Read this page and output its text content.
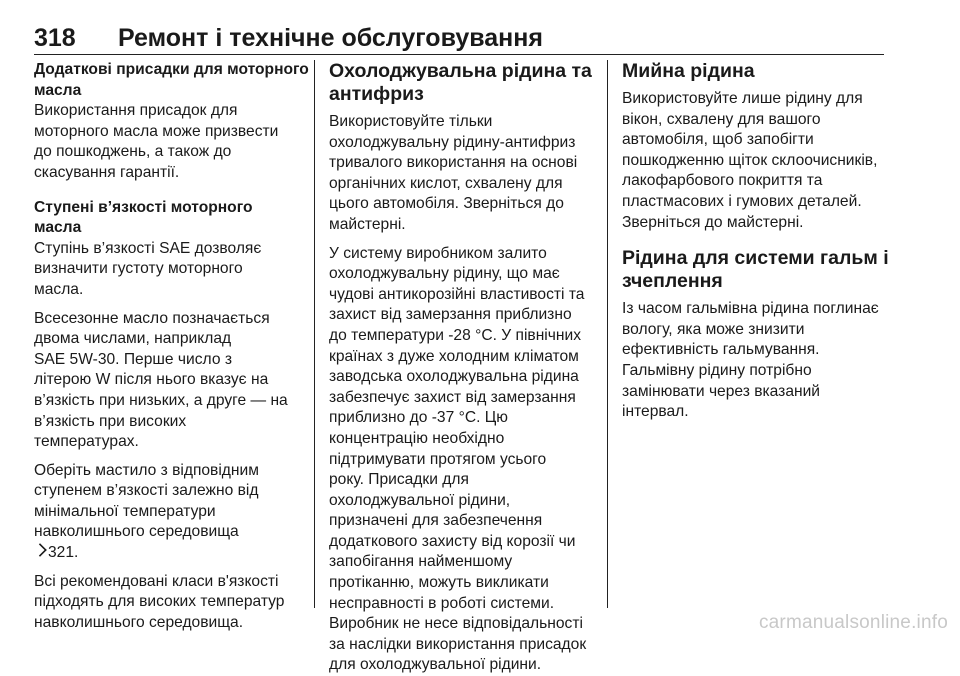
318 Ремонт і технічне обслуговування
Додаткові присадки для моторного
масла

Використання присадок для
моторного масла може призвести
до пошкоджень, а також до
скасування гарантії.

Ступені в’язкості моторного масла

Ступінь в’язкості SAE дозволяє
визначити густоту моторного
масла.

Всесезонне масло позначається
двома числами, наприклад
SAE 5W-30. Перше число з
літерою W після нього вказує на
в’язкість при низьких, а друге — на
в’язкість при високих
температурах.

Оберіть мастило з відповідним
ступенем в’язкості залежно від
мінімальної температури
навколишнього середовища
321.

Всі рекомендовані класи в'язкості
підходять для високих температур
навколишнього середовища.

Охолоджувальна рідина та
антифриз

Використовуйте тільки
охолоджувальну рідину-антифриз
тривалого використання на основі
органічних кислот, схвалену для
цього автомобіля. Зверніться до
майстерні.

У систему виробником залито
охолоджувальну рідину, що має
чудові антикорозійні властивості та
захист від замерзання приблизно
до температури -28 °C. У північних
країнах з дуже холодним кліматом
заводська охолоджувальна рідина
забезпечує захист від замерзання
приблизно до -37 °C. Цю
концентрацію необхідно
підтримувати протягом усього
року. Присадки для
охолоджувальної рідини,
призначені для забезпечення
додаткового захисту від корозії чи
запобігання найменшому
протіканню, можуть викликати
несправності в роботі системи.
Виробник не несе відповідальності
за наслідки використання присадок
для охолоджувальної рідини.

Мийна рідина

Використовуйте лише рідину для
вікон, схвалену для вашого
автомобіля, щоб запобігти
пошкодженню щіток склоочисників,
лакофарбового покриття та
пластмасових і гумових деталей.
Зверніться до майстерні.

Рідина для системи гальм і
зчеплення

Із часом гальмівна рідина поглинає
вологу, яка може знизити
ефективність гальмування.
Гальмівну рідину потрібно
замінювати через вказаний
інтервал.

carmanualsonline.info
